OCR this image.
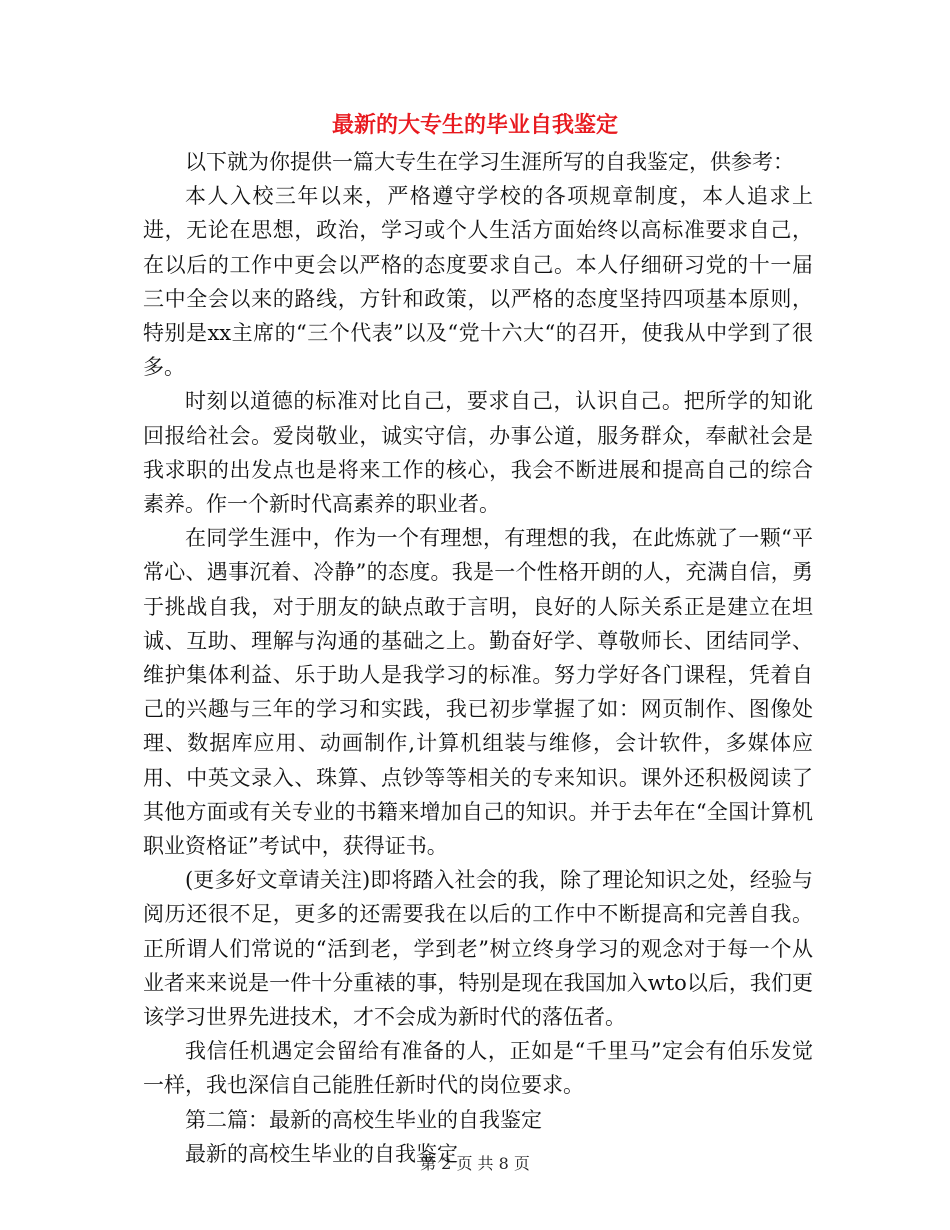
最新的大专生的毕业自我鉴定

以下就为你提供一篇大专生在学习生涯所写的自我鉴定，供参考：

本人入校三年以来，严格遵守学校的各项规章制度，本人追求上进，无论在思想，政治，学习或个人生活方面始终以高标准要求自己，在以后的工作中更会以严格的态度要求自己。本人仔细研习党的十一届三中全会以来的路线，方针和政策，以严格的态度坚持四项基本原则，特别是xx主席的“三个代表”以及“党十六大“的召开，使我从中学到了很多。

时刻以道德的标准对比自己，要求自己，认识自己。把所学的知讹回报给社会。爱岗敬业，诚实守信，办事公道，服务群众，奉献社会是我求职的出发点也是将来工作的核心，我会不断进展和提高自己的综合素养。作一个新时代高素养的职业者。

在同学生涯中，作为一个有理想，有理想的我，在此炼就了一颗“平常心、遇事沉着、冷静”的态度。我是一个性格开朗的人，充满自信，勇于挑战自我，对于朋友的缺点敢于言明，良好的人际关系正是建立在坦诚、互助、理解与沟通的基础之上。勤奋好学、尊敬师长、团结同学、维护集体利益、乐于助人是我学习的标准。努力学好各门课程，凭着自己的兴趣与三年的学习和实践，我已初步掌握了如：网页制作、图像处理、数据库应用、动画制作,计算机组装与维修，会计软件，多媒体应用、中英文录入、珠算、点钞等等相关的专来知识。课外还积极阅读了其他方面或有关专业的书籍来增加自己的知识。并于去年在“全国计算机职业资格证”考试中，获得证书。

(更多好文章请关注)即将踏入社会的我，除了理论知识之处，经验与阅历还很不足，更多的还需要我在以后的工作中不断提高和完善自我。正所谓人们常说的“活到老，学到老”树立终身学习的观念对于每一个从业者来来说是一件十分重裱的事，特别是现在我国加入wto以后，我们更该学习世界先进技术，才不会成为新时代的落伍者。

我信任机遇定会留给有准备的人，正如是“千里马”定会有伯乐发觉一样，我也深信自己能胜任新时代的岗位要求。

第二篇：最新的高校生毕业的自我鉴定

最新的高校生毕业的自我鉴定

第 2 页 共 8 页
